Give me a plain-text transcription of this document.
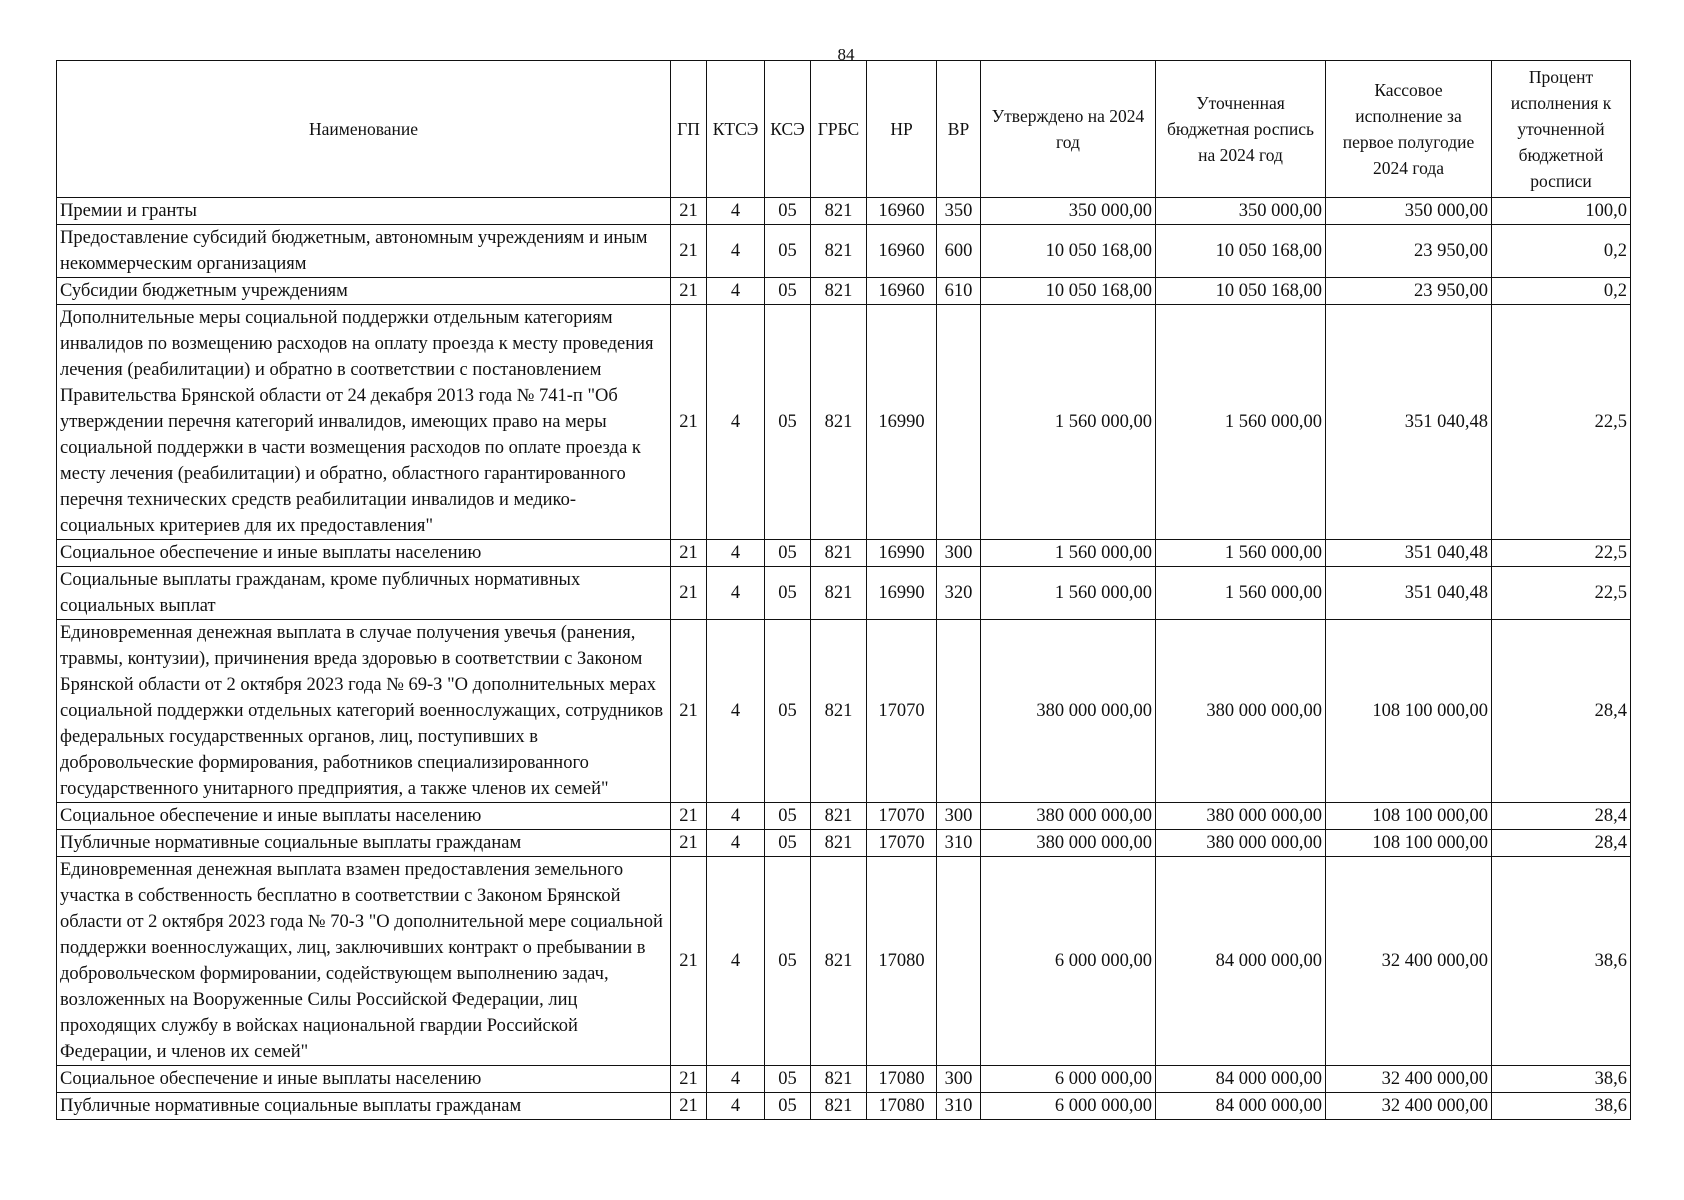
84
Наименование	ГП	КТСЭ	КСЭ	ГРБС	НР	ВР	Утверждено на 2024 год	Уточненная бюджетная роспись на 2024 год	Кассовое исполнение за первое полугодие 2024 года	Процент исполнения к уточненной бюджетной росписи
Премии и гранты	21	4	05	821	16960	350	350 000,00	350 000,00	350 000,00	100,0
Предоставление субсидий бюджетным, автономным учреждениям и иным некоммерческим организациям	21	4	05	821	16960	600	10 050 168,00	10 050 168,00	23 950,00	0,2
Субсидии бюджетным учреждениям	21	4	05	821	16960	610	10 050 168,00	10 050 168,00	23 950,00	0,2
Дополнительные меры социальной поддержки отдельным категориям инвалидов по возмещению расходов на оплату проезда к месту проведения лечения (реабилитации) и обратно в соответствии с постановлением Правительства Брянской области от 24 декабря 2013 года № 741-п "Об утверждении перечня категорий инвалидов, имеющих право на меры социальной поддержки в части возмещения расходов по оплате проезда к месту лечения (реабилитации) и обратно, областного гарантированного перечня технических средств реабилитации инвалидов и медико-социальных критериев для их предоставления"	21	4	05	821	16990		1 560 000,00	1 560 000,00	351 040,48	22,5
Социальное обеспечение и иные выплаты населению	21	4	05	821	16990	300	1 560 000,00	1 560 000,00	351 040,48	22,5
Социальные выплаты гражданам, кроме публичных нормативных социальных выплат	21	4	05	821	16990	320	1 560 000,00	1 560 000,00	351 040,48	22,5
Единовременная денежная выплата в случае получения увечья (ранения, травмы, контузии), причинения вреда здоровью в соответствии с Законом Брянской области от 2 октября 2023 года № 69-З "О дополнительных мерах социальной поддержки отдельных категорий военнослужащих, сотрудников федеральных государственных органов, лиц, поступивших в добровольческие формирования, работников специализированного государственного унитарного предприятия, а также членов их семей"	21	4	05	821	17070		380 000 000,00	380 000 000,00	108 100 000,00	28,4
Социальное обеспечение и иные выплаты населению	21	4	05	821	17070	300	380 000 000,00	380 000 000,00	108 100 000,00	28,4
Публичные нормативные социальные выплаты гражданам	21	4	05	821	17070	310	380 000 000,00	380 000 000,00	108 100 000,00	28,4
Единовременная денежная выплата взамен предоставления земельного участка в собственность бесплатно в соответствии с Законом Брянской области от 2 октября 2023 года № 70-З "О дополнительной мере социальной поддержки военнослужащих, лиц, заключивших контракт о пребывании в добровольческом формировании, содействующем выполнению задач, возложенных на Вооруженные Силы Российской Федерации, лиц проходящих службу в войсках национальной гвардии Российской Федерации, и членов их семей"	21	4	05	821	17080		6 000 000,00	84 000 000,00	32 400 000,00	38,6
Социальное обеспечение и иные выплаты населению	21	4	05	821	17080	300	6 000 000,00	84 000 000,00	32 400 000,00	38,6
Публичные нормативные социальные выплаты гражданам	21	4	05	821	17080	310	6 000 000,00	84 000 000,00	32 400 000,00	38,6
